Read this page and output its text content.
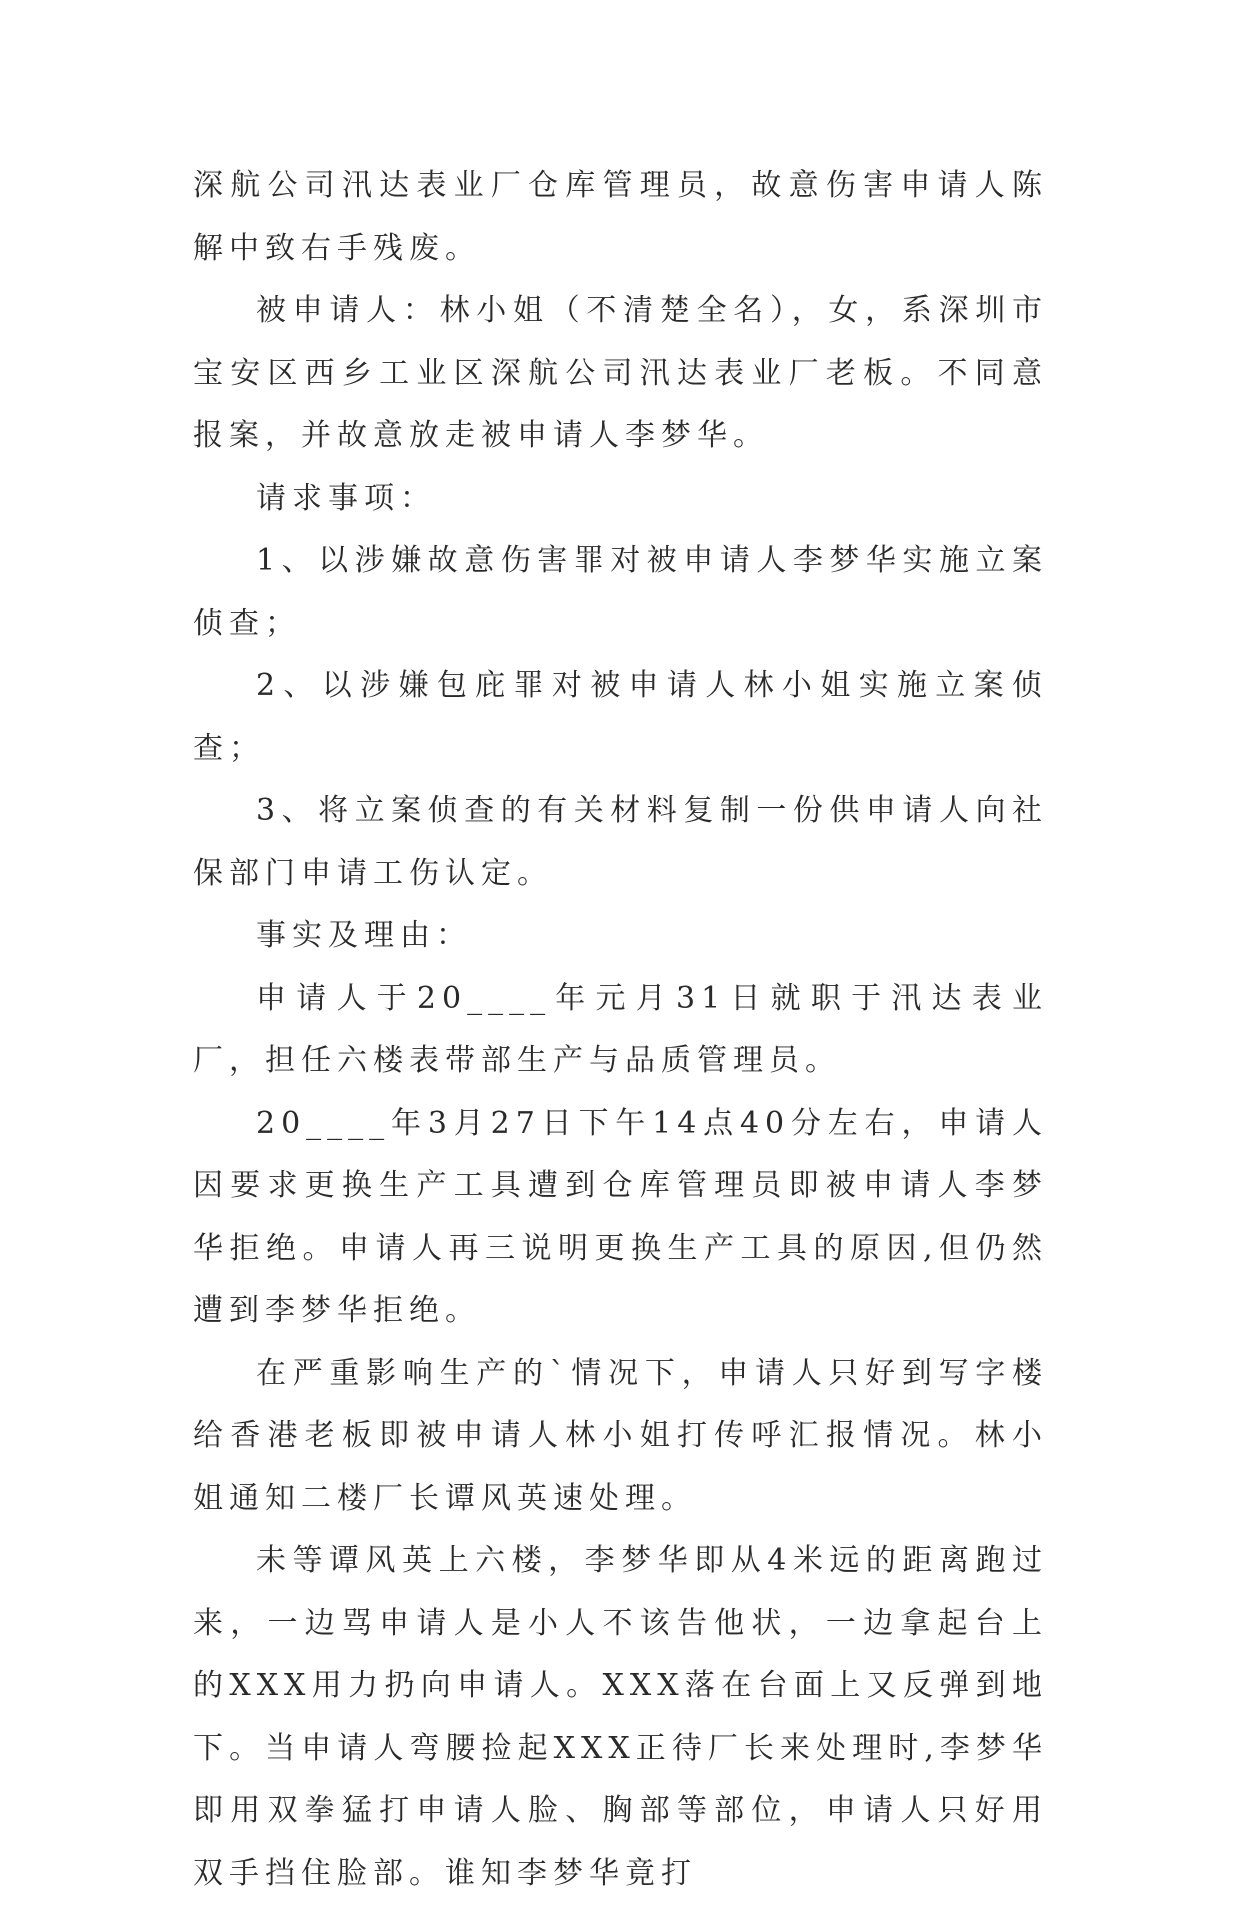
深航公司汛达表业厂仓库管理员，故意伤害申请人陈解中致右手残废。

被申请人：林小姐（不清楚全名），女，系深圳市宝安区西乡工业区深航公司汛达表业厂老板。不同意报案，并故意放走被申请人李梦华。

请求事项：

1、以涉嫌故意伤害罪对被申请人李梦华实施立案侦查；

2、以涉嫌包庇罪对被申请人林小姐实施立案侦查；

3、将立案侦查的有关材料复制一份供申请人向社保部门申请工伤认定。

事实及理由：

申请人于20____年元月31日就职于汛达表业厂，担任六楼表带部生产与品质管理员。

20____年3月27日下午14点40分左右，申请人因要求更换生产工具遭到仓库管理员即被申请人李梦华拒绝。申请人再三说明更换生产工具的原因,但仍然遭到李梦华拒绝。

在严重影响生产的`情况下，申请人只好到写字楼给香港老板即被申请人林小姐打传呼汇报情况。林小姐通知二楼厂长谭风英速处理。

未等谭风英上六楼，李梦华即从4米远的距离跑过来，一边骂申请人是小人不该告他状，一边拿起台上的XXX用力扔向申请人。XXX落在台面上又反弹到地下。当申请人弯腰捡起XXX正待厂长来处理时,李梦华即用双拳猛打申请人脸、胸部等部位，申请人只好用双手挡住脸部。谁知李梦华竟打
